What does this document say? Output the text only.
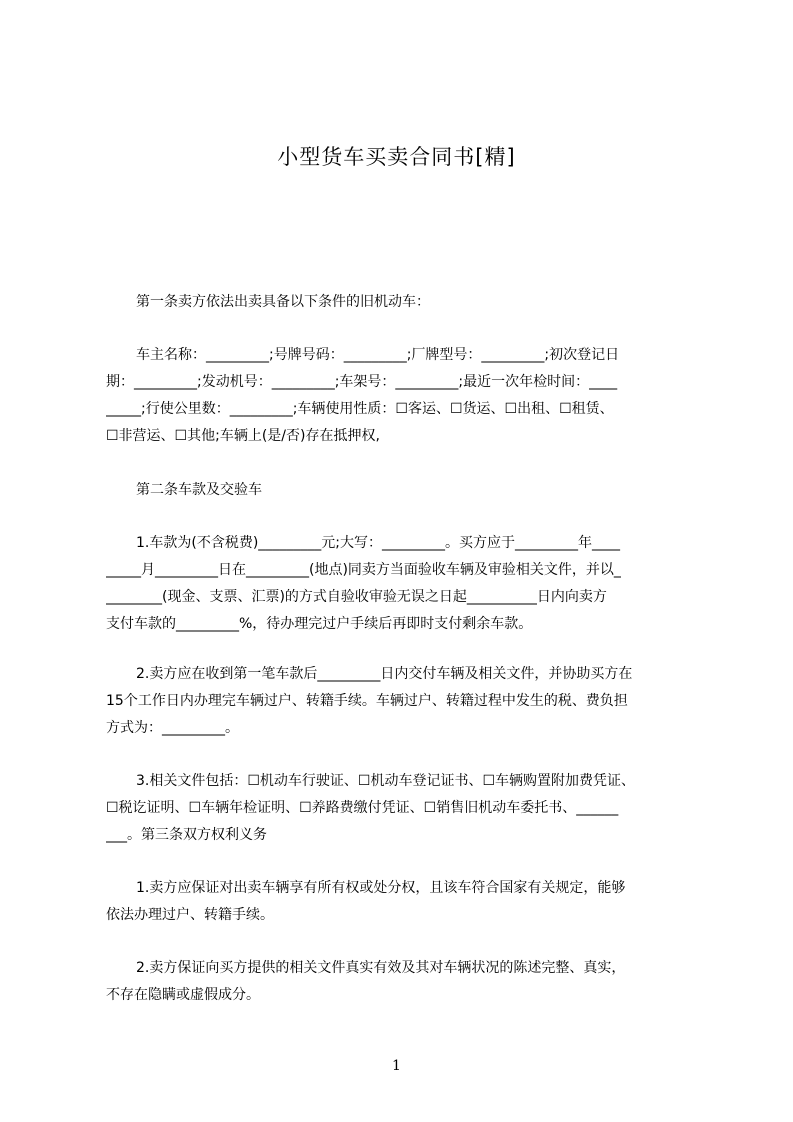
小型货车买卖合同书[精]
第一条卖方依法出卖具备以下条件的旧机动车：
车主名称：_________;号牌号码：_________;厂牌型号：_________;初次登记日
期：_________;发动机号：_________;车架号：_________;最近一次年检时间：____
_____;行使公里数：_________;车辆使用性质：☐客运、☐货运、☐出租、☐租赁、
☐非营运、☐其他;车辆上(是/否)存在抵押权,
第二条车款及交验车
1.车款为(不含税费)_________元;大写：_________。买方应于_________年____
_____月_________日在_________(地点)同卖方当面验收车辆及审验相关文件，并以_
________(现金、支票、汇票)的方式自验收审验无误之日起__________日内向卖方
支付车款的_________%，待办理完过户手续后再即时支付剩余车款。
2.卖方应在收到第一笔车款后_________日内交付车辆及相关文件，并协助买方在
15个工作日内办理完车辆过户、转籍手续。车辆过户、转籍过程中发生的税、费负担
方式为：_________。
3.相关文件包括：☐机动车行驶证、☐机动车登记证书、☐车辆购置附加费凭证、
☐税讫证明、☐车辆年检证明、☐养路费缴付凭证、☐销售旧机动车委托书、______
___。第三条双方权利义务
1.卖方应保证对出卖车辆享有所有权或处分权，且该车符合国家有关规定，能够
依法办理过户、转籍手续。
2.卖方保证向买方提供的相关文件真实有效及其对车辆状况的陈述完整、真实，
不存在隐瞒或虚假成分。
1
